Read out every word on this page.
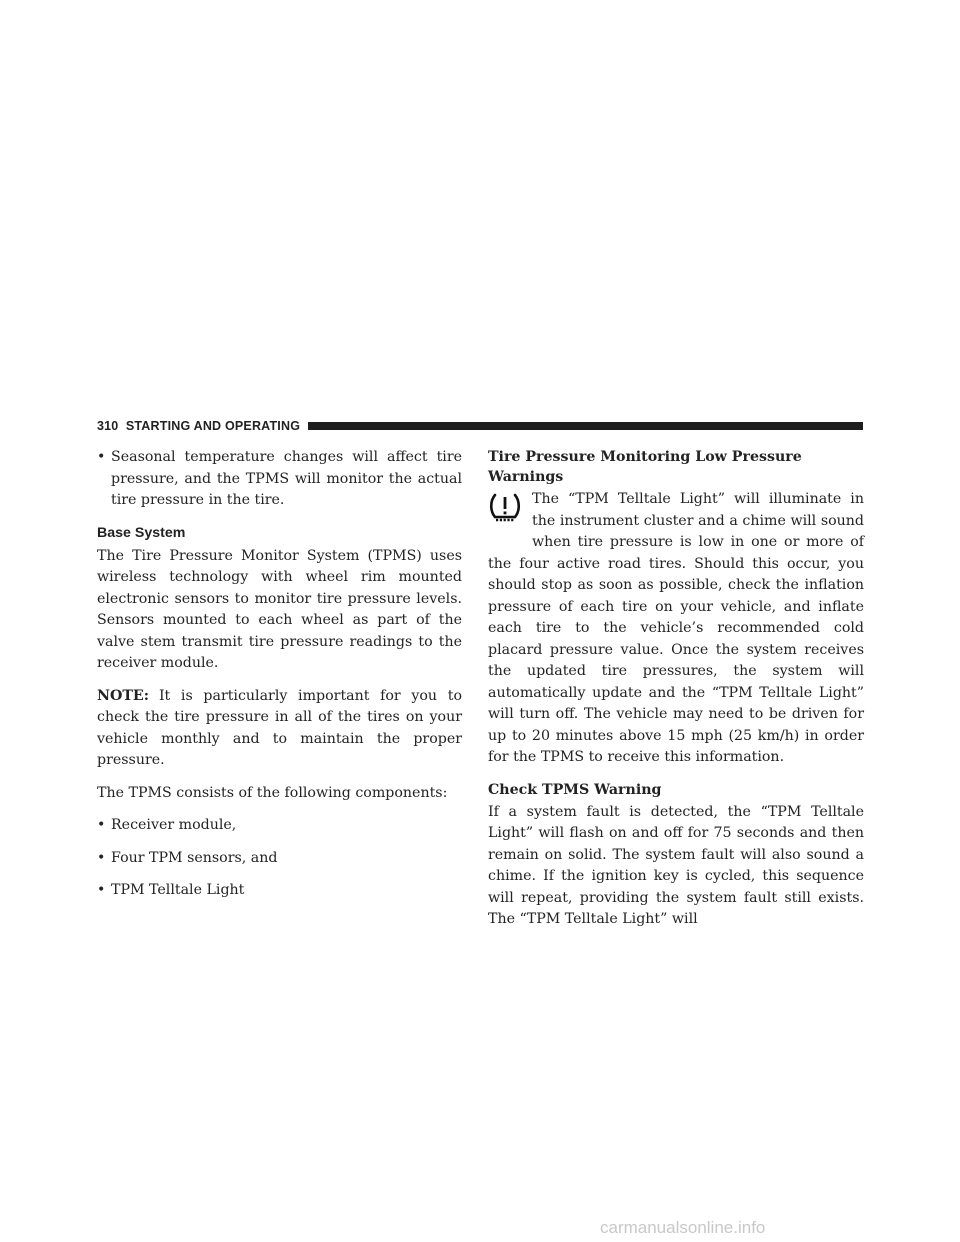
310 STARTING AND OPERATING
• Seasonal temperature changes will affect tire pressure, and the TPMS will monitor the actual tire pressure in the tire.
Base System

The Tire Pressure Monitor System (TPMS) uses wireless technology with wheel rim mounted electronic sensors to monitor tire pressure levels. Sensors mounted to each wheel as part of the valve stem transmit tire pressure readings to the receiver module.

NOTE: It is particularly important for you to check the tire pressure in all of the tires on your vehicle monthly and to maintain the proper pressure.

The TPMS consists of the following components:

• Receiver module,
• Four TPM sensors, and
• TPM Telltale Light
Tire Pressure Monitoring Low Pressure Warnings

The “TPM Telltale Light” will illuminate in the instrument cluster and a chime will sound when tire pressure is low in one or more of the four active road tires. Should this occur, you should stop as soon as possible, check the inflation pressure of each tire on your vehicle, and inflate each tire to the vehicle’s recommended cold placard pressure value. Once the system receives the updated tire pressures, the system will automatically update and the “TPM Telltale Light” will turn off. The vehicle may need to be driven for up to 20 minutes above 15 mph (25 km/h) in order for the TPMS to receive this information.

Check TPMS Warning

If a system fault is detected, the “TPM Telltale Light” will flash on and off for 75 seconds and then remain on solid. The system fault will also sound a chime. If the ignition key is cycled, this sequence will repeat, providing the system fault still exists. The “TPM Telltale Light” will

carmanualsonline.info
